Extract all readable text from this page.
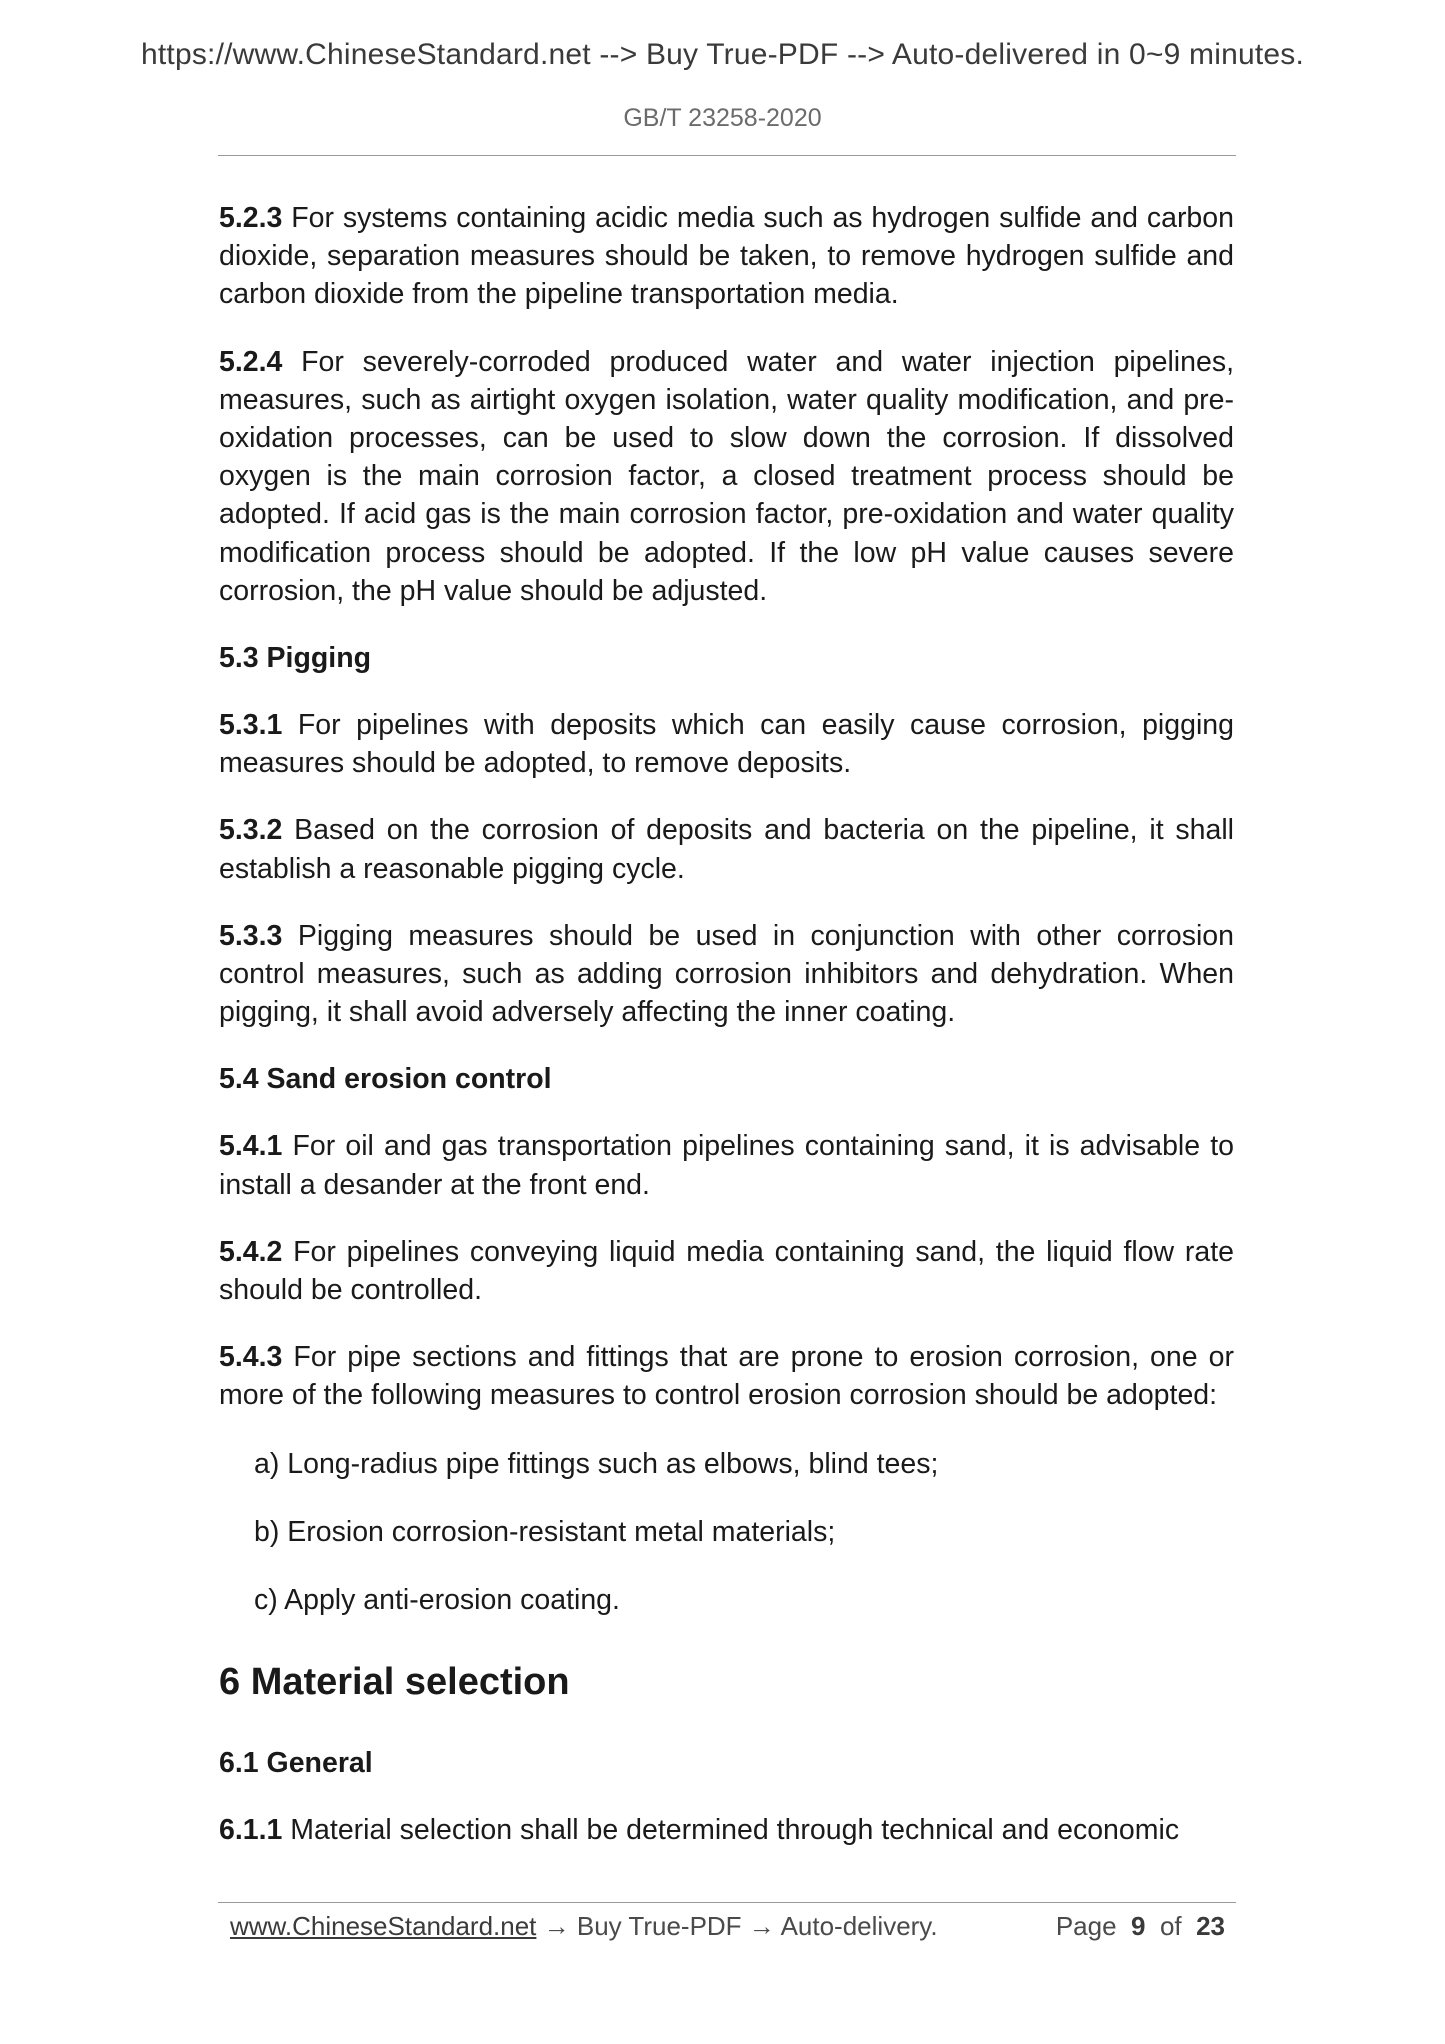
https://www.ChineseStandard.net --> Buy True-PDF --> Auto-delivered in 0~9 minutes.
GB/T 23258-2020

5.2.3 For systems containing acidic media such as hydrogen sulfide and carbon dioxide, separation measures should be taken, to remove hydrogen sulfide and carbon dioxide from the pipeline transportation media.

5.2.4 For severely-corroded produced water and water injection pipelines, measures, such as airtight oxygen isolation, water quality modification, and pre-oxidation processes, can be used to slow down the corrosion. If dissolved oxygen is the main corrosion factor, a closed treatment process should be adopted. If acid gas is the main corrosion factor, pre-oxidation and water quality modification process should be adopted. If the low pH value causes severe corrosion, the pH value should be adjusted.

5.3 Pigging

5.3.1 For pipelines with deposits which can easily cause corrosion, pigging measures should be adopted, to remove deposits.

5.3.2 Based on the corrosion of deposits and bacteria on the pipeline, it shall establish a reasonable pigging cycle.

5.3.3 Pigging measures should be used in conjunction with other corrosion control measures, such as adding corrosion inhibitors and dehydration. When pigging, it shall avoid adversely affecting the inner coating.

5.4 Sand erosion control

5.4.1 For oil and gas transportation pipelines containing sand, it is advisable to install a desander at the front end.

5.4.2 For pipelines conveying liquid media containing sand, the liquid flow rate should be controlled.

5.4.3 For pipe sections and fittings that are prone to erosion corrosion, one or more of the following measures to control erosion corrosion should be adopted:

a) Long-radius pipe fittings such as elbows, blind tees;

b) Erosion corrosion-resistant metal materials;

c) Apply anti-erosion coating.

6 Material selection
6.1 General

6.1.1 Material selection shall be determined through technical and economic

www.ChineseStandard.net → Buy True-PDF → Auto-delivery.	Page 9 of 23
